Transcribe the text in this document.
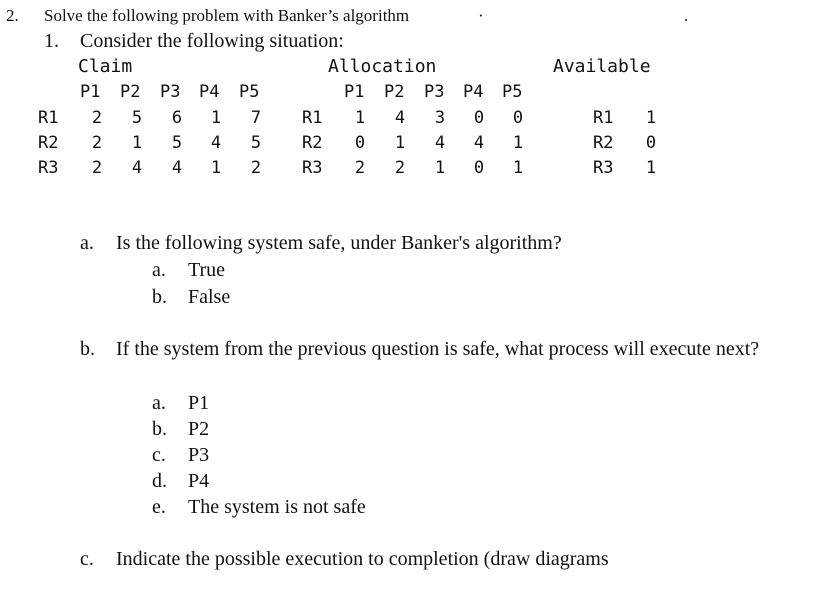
2. Solve the following problem with Banker’s algorithm	·	.
1. Consider the following situation:
Claim	Allocation	Available
P1 P2 P3 P4 P5
R1	2	5	6	1	7
R2	2	1	5	4	5
R3	2	4	4	1	2
P1 P2 P3 P4 P5
R1	1	4	3	0	0
R2	0	1	4	4	1
R3	2	2	1	0	1
R1	1
R2	0
R3	1
a. Is the following system safe, under Banker's algorithm?
a. True
b. False
b. If the system from the previous question is safe, what process will execute next?
a. P1
b. P2
c. P3
d. P4
e. The system is not safe
c. Indicate the possible execution to completion (draw diagrams
